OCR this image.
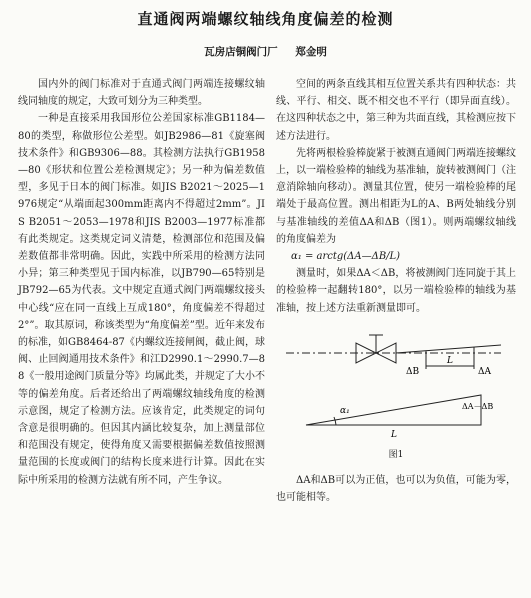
直通阀两端螺纹轴线角度偏差的检测
瓦房店铜阀门厂 郑金明

国内外的阀门标准对于直通式阀门两端连接螺纹轴线同轴度的规定，大致可划分为三种类型。

一种是直接采用我国形位公差国家标准GB1184—80的类型，称做形位公差型。如JB2986—81《旋塞阀技术条件》和GB9306—88。其检测方法执行GB1958—80《形状和位置公差检测规定》；另一种为偏差数值型，多见于日本的阀门标准。如JIS B2021～2025—1976规定“从端面起300mm距离内不得超过2mm”。JIS B2051～2053—1978和JIS B2003—1977标准都有此类规定。这类规定词义清楚，检测部位和范围及偏差数值都非常明确。因此，实践中所采用的检测方法同小异；第三种类型见于国内标准，以JB790—65特别是JB792—65为代表。文中规定直通式阀门两端螺纹接头中心线“应在同一直线上互成180°，角度偏差不得超过2°”。取其原词，称该类型为“角度偏差”型。近年来发布的标准，如GB8464-87《内螺纹连接闸阀，截止阀，球阀、止回阀通用技术条件》和江D2990.1～2990.7—88《一般用途阀门质量分等》均属此类，并规定了大小不等的偏差角度。后者还给出了两端螺纹轴线角度的检测示意图，规定了检测方法。应该肯定，此类规定的词句含意是很明确的。但因其内涵比较复杂，加上测量部位和范围没有规定，使得角度又需要根据偏差数值按照测量范围的长度或阀门的结构长度来进行计算。因此在实际中所采用的检测方法就有所不同，产生争议。

空间的两条直线其相互位置关系共有四种状态：共线、平行、相交、既不相交也不平行（即异面直线）。在这四种状态之中，第三种为共面直线，其检测应按下述方法进行。

先将两根检验棒旋紧于被测直通阀门两端连接螺纹上，以一端检验棒的轴线为基准轴，旋转被测阀门（注意消除轴向移动）。测量其位置，使另一端检验棒的尾端处于最高位置。测出相距为L的A、B两处轴线分别与基准轴线的差值ΔA和ΔB（图1）。则两端螺纹轴线的角度偏差为

α₁ = arctg(ΔA—ΔB/L)

测量时，如果ΔA＜ΔB，将被测阀门连同旋于其上的检验棒一起翻转180°，以另一端检验棒的轴线为基准轴，按上述方法重新测量即可。

ΔB	ΔA
L
α₁
L
ΔA－ΔB
图1

ΔA和ΔB可以为正值，也可以为负值，可能为零，也可能相等。
